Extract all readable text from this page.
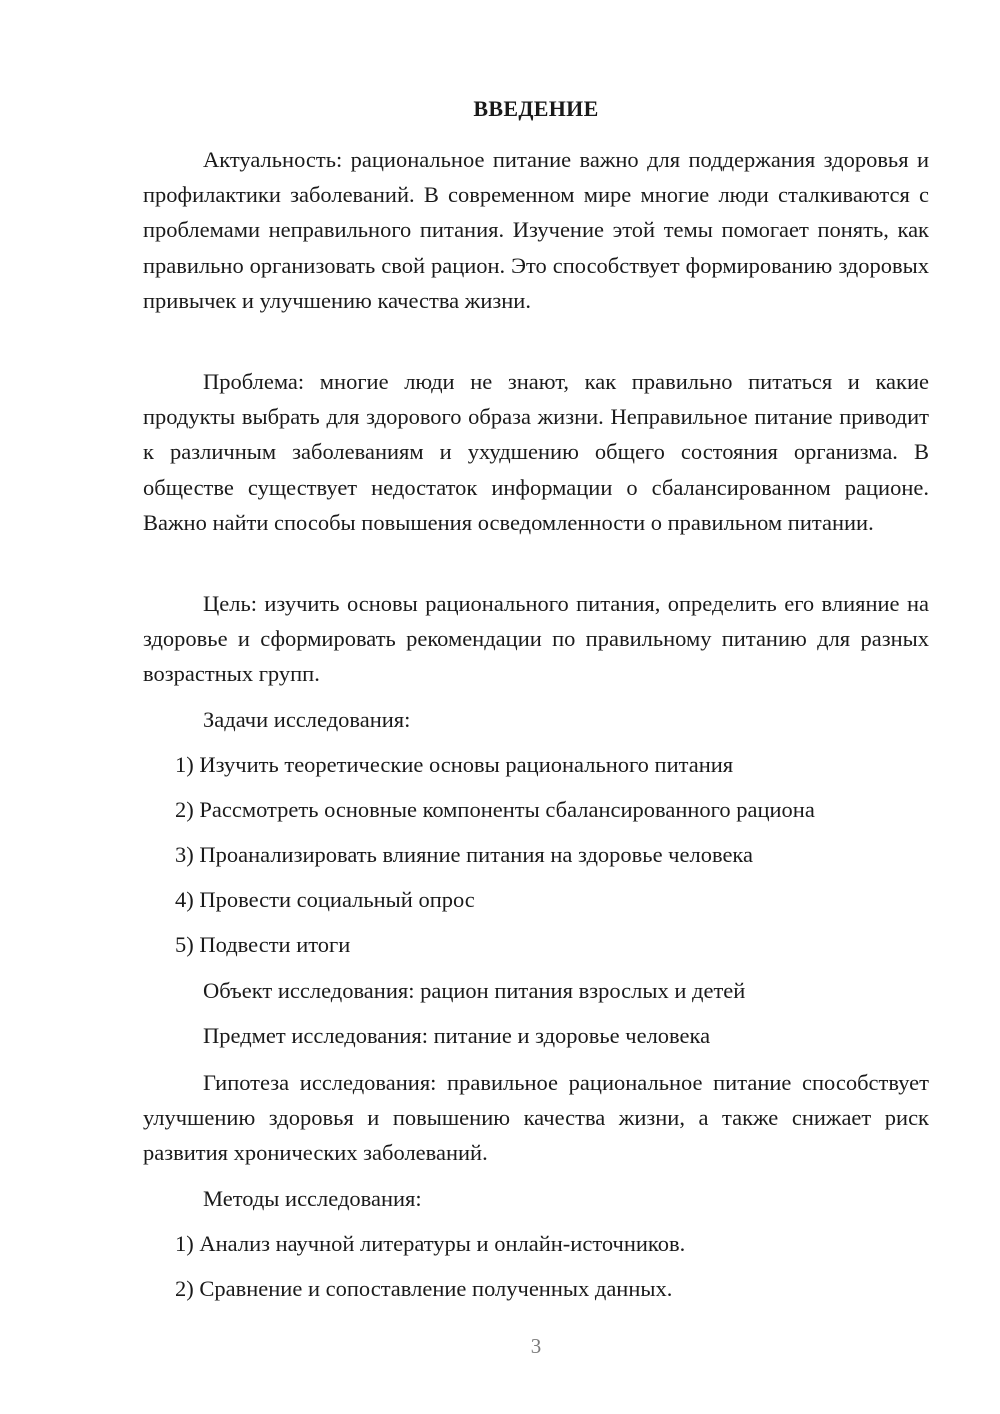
ВВЕДЕНИЕ

Актуальность: рациональное питание важно для поддержания здоровья и профилактики заболеваний. В современном мире многие люди сталкиваются с проблемами неправильного питания. Изучение этой темы помогает понять, как правильно организовать свой рацион. Это способствует формированию здоровых привычек и улучшению качества жизни.

Проблема: многие люди не знают, как правильно питаться и какие продукты выбрать для здорового образа жизни. Неправильное питание приводит к различным заболеваниям и ухудшению общего состояния организма. В обществе существует недостаток информации о сбалансированном рационе. Важно найти способы повышения осведомленности о правильном питании.

Цель: изучить основы рационального питания, определить его влияние на здоровье и сформировать рекомендации по правильному питанию для разных возрастных групп.

Задачи исследования:

1) Изучить теоретические основы рационального питания

2) Рассмотреть основные компоненты сбалансированного рациона

3) Проанализировать влияние питания на здоровье человека

4) Провести социальный опрос

5) Подвести итоги

Объект исследования: рацион питания взрослых и детей

Предмет исследования: питание и здоровье человека

Гипотеза исследования: правильное рациональное питание способствует улучшению здоровья и повышению качества жизни, а также снижает риск развития хронических заболеваний.

Методы исследования:

1) Анализ научной литературы и онлайн-источников.

2) Сравнение и сопоставление полученных данных.

3
